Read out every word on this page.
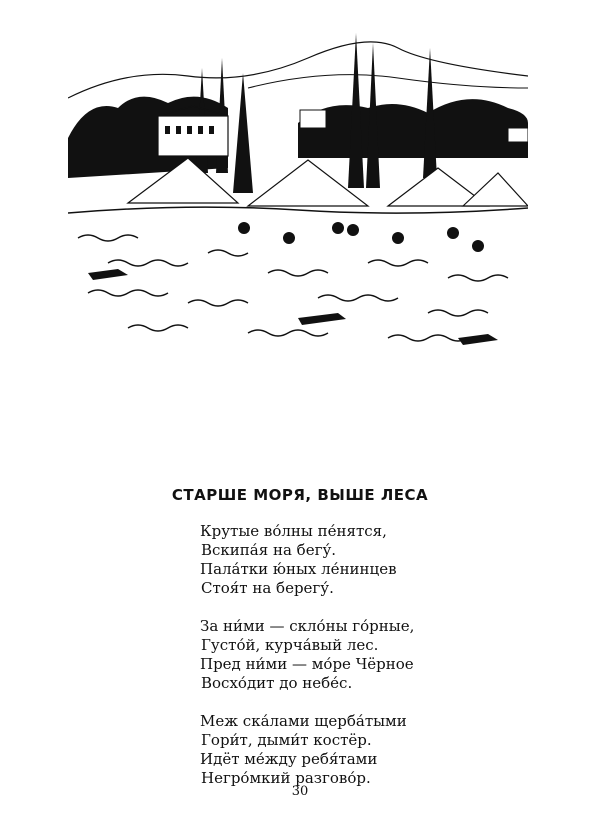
СТАРШЕ МОРЯ, ВЫШЕ ЛЕСА
Крутые во́лны пе́нятся,
Вскипа́я на бегу́.
Пала́тки ю́ных ле́нинцев
Стоя́т на берегу́.
За ни́ми — скло́ны го́рные,
Густо́й, курча́вый лес.
Пред ни́ми — мо́ре Чёрное
Восхо́дит до небе́с.
Меж ска́лами щерба́тыми
Гори́т, дыми́т костёр.
Идёт ме́жду ребя́тами
Негро́мкий разгово́р.
30
